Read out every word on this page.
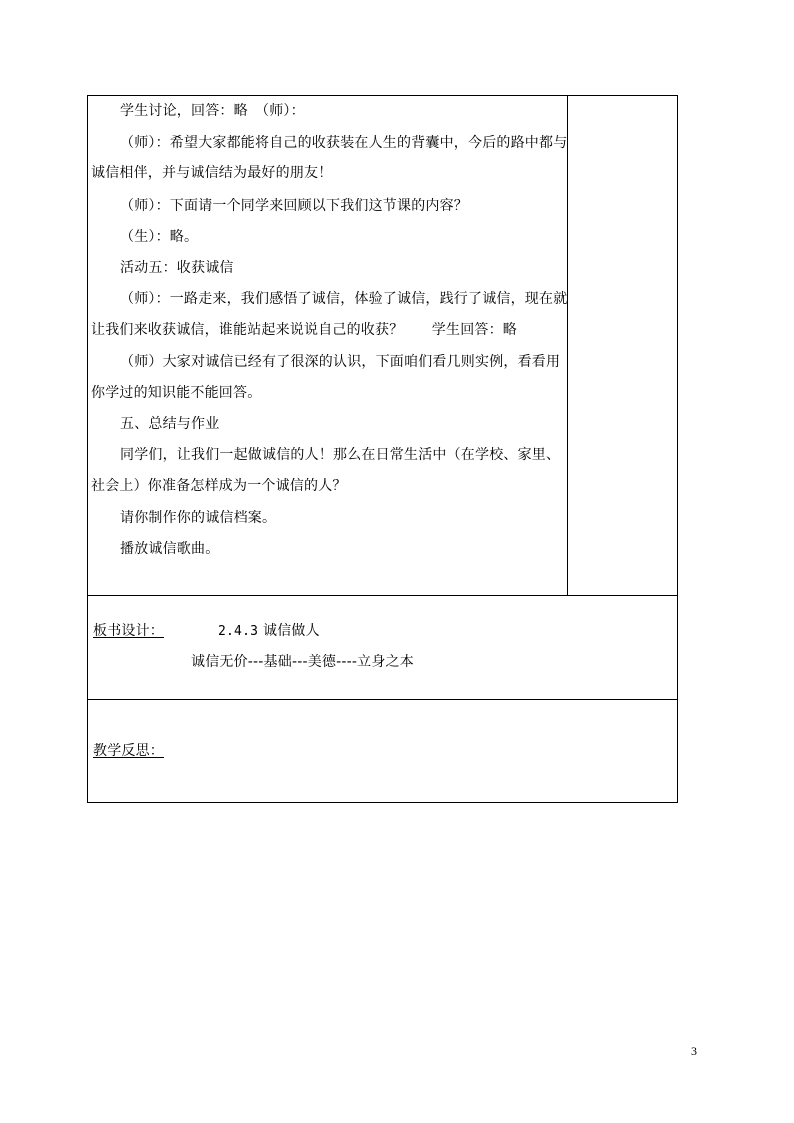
学生讨论，回答：略　（师）：
（师）：希望大家都能将自己的收获装在人生的背囊中，今后的路中都与
诚信相伴，并与诚信结为最好的朋友！
（师）：下面请一个同学来回顾以下我们这节课的内容？
（生）：略。
活动五：收获诚信
（师）：一路走来，我们感悟了诚信，体验了诚信，践行了诚信，现在就
让我们来收获诚信，谁能站起来说说自己的收获？　　学生回答：略
（师）大家对诚信已经有了很深的认识，下面咱们看几则实例，看看用
你学过的知识能不能回答。
五、总结与作业
同学们，让我们一起做诚信的人！那么在日常生活中（在学校、家里、
社会上）你准备怎样成为一个诚信的人？
请你制作你的诚信档案。
播放诚信歌曲。
板书设计：	2.4.3 诚信做人
诚信无价---基础---美德----立身之本
教学反思：
3
